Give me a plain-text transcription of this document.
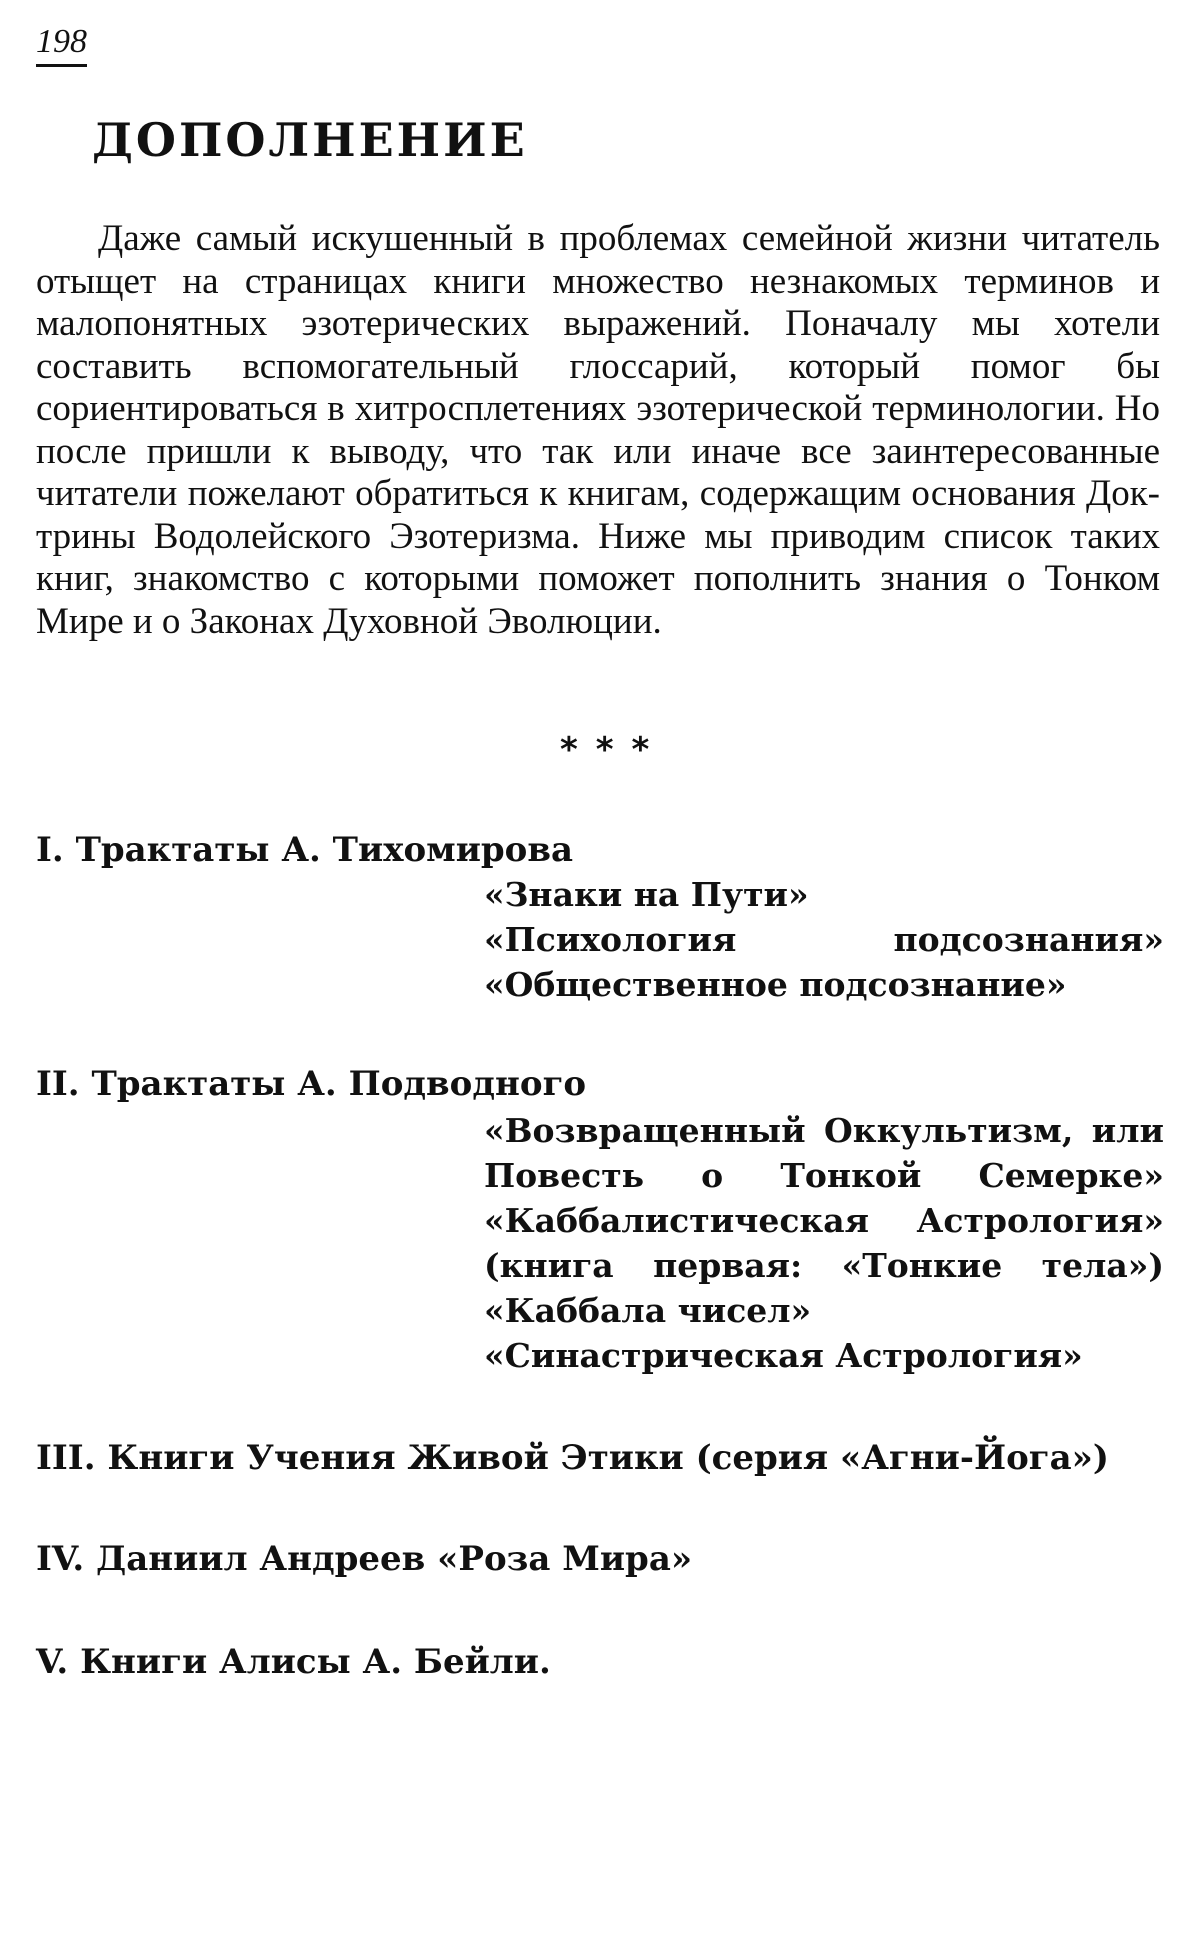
198
ДОПОЛНЕНИЕ

Даже самый искушенный в проблемах семейной жизни читатель отыщет на страницах книги множество незнакомых терминов и малопонятных эзотерических выражений. Поначалу мы хотели составить вспомогательный глоссарий, который помог бы сориентироваться в хитросплетениях эзотерической терминологии. Но после пришли к выводу, что так или иначе все заинтересованные читатели пожелают обратиться к книгам, содержащим основания Доктрины Водолейского Эзотеризма. Ниже мы приводим список таких книг, знакомство с которыми поможет пополнить знания о Тонком Мире и о Законах Духовной Эволюции.

***
I. Трактаты А. Тихомирова
«Знаки на Пути»
«Психология подсознания»
«Общественное подсознание»
II. Трактаты А. Подводного
«Возвращенный Оккультизм, или
Повесть о Тонкой Семерке»
«Каббалистическая Астрология»
(книга первая: «Тонкие тела»)
«Каббала чисел»
«Синастрическая Астрология»
III. Книги Учения Живой Этики (серия «Агни-Йога»)
IV. Даниил Андреев «Роза Мира»
V. Книги Алисы А. Бейли.
